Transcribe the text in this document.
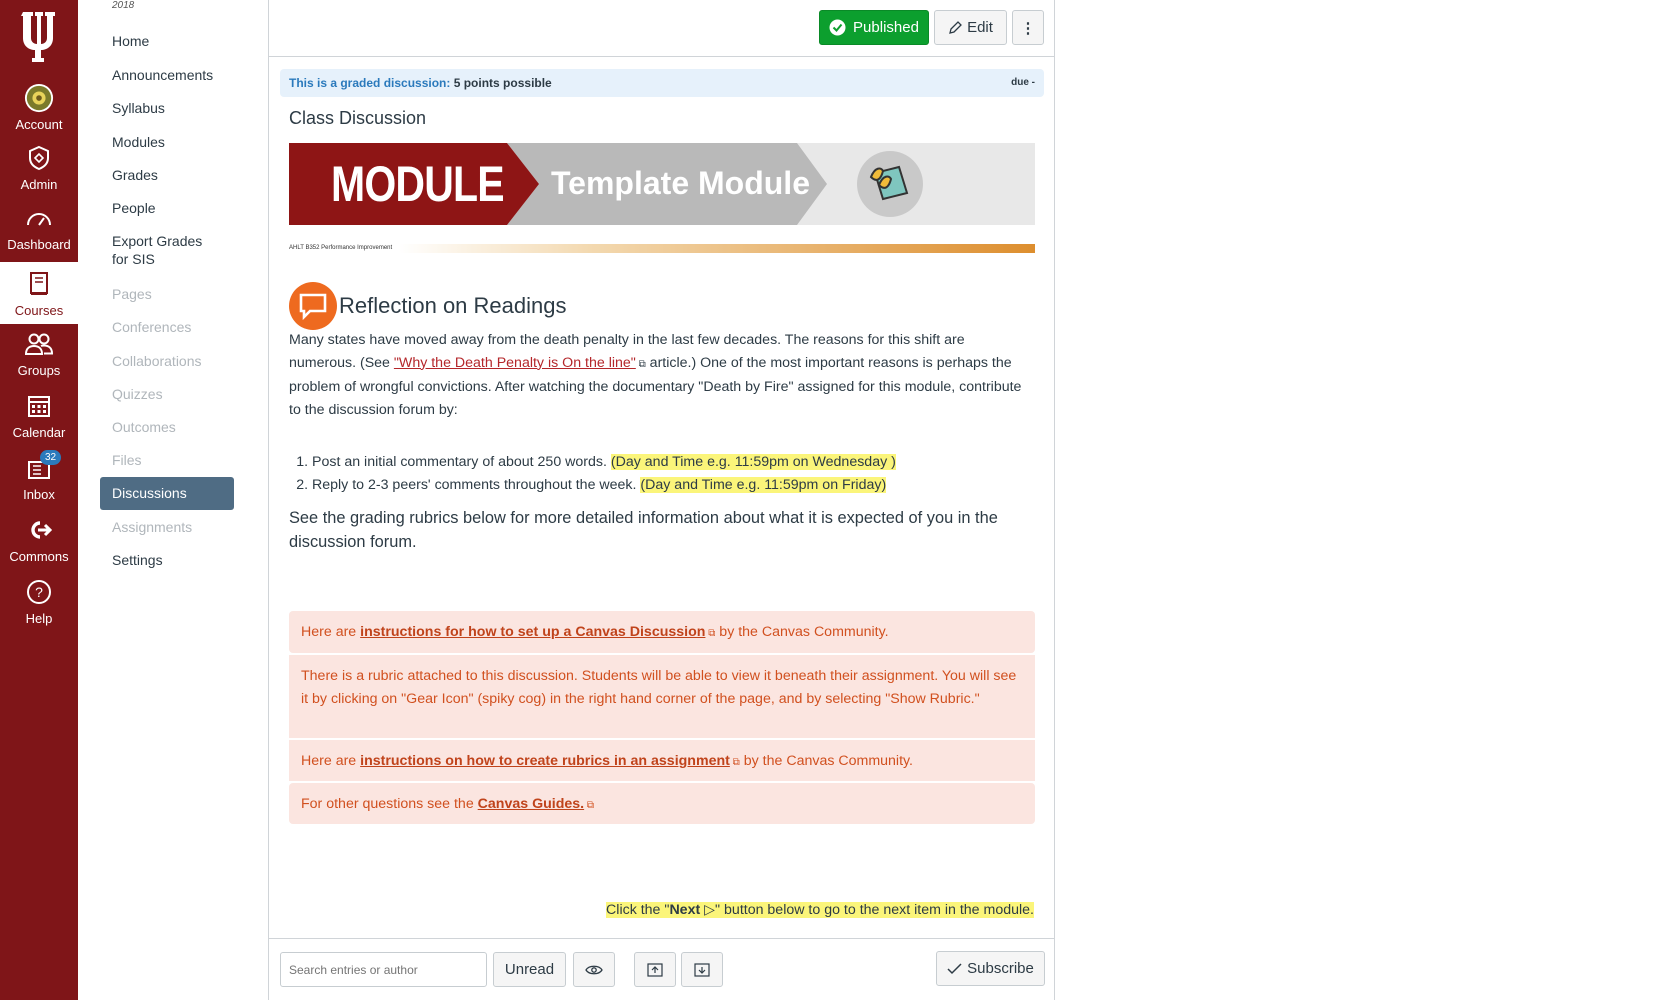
Account
Admin
Dashboard
Courses
Groups
Calendar
32
Inbox
Commons
?
Help
2018
Home
Announcements
Syllabus
Modules
Grades
People
Export Grades for SIS
Pages
Conferences
Collaborations
Quizzes
Outcomes
Files
Discussions
Assignments
Settings
Published	Edit ⋮
This is a graded discussion: 5 points possible	due -
Class Discussion
MODULE Template Module
AHLT B352 Performance Improvement
Reflection on Readings

Many states have moved away from the death penalty in the last few decades. The reasons for this shift are numerous. (See "Why the Death Penalty is On the line" ⧉ article.) One of the most important reasons is perhaps the problem of wrongful convictions. After watching the documentary "Death by Fire" assigned for this module, contribute to the discussion forum by:

1. Post an initial commentary of about 250 words. (Day and Time e.g. 11:59pm on Wednesday )
2. Reply to 2-3 peers' comments throughout the week. (Day and Time e.g. 11:59pm on Friday)

See the grading rubrics below for more detailed information about what it is expected of you in the discussion forum.

Here are instructions for how to set up a Canvas Discussion ⧉ by the Canvas Community.
There is a rubric attached to this discussion. Students will be able to view it beneath their assignment. You will see it by clicking on "Gear Icon" (spiky cog) in the right hand corner of the page, and by selecting "Show Rubric."
Here are instructions on how to create rubrics in an assignment ⧉ by the Canvas Community.
For other questions see the Canvas Guides. ⧉
Click the "Next ▷" button below to go to the next item in the module.
Search entries or author
Unread	Subscribe
